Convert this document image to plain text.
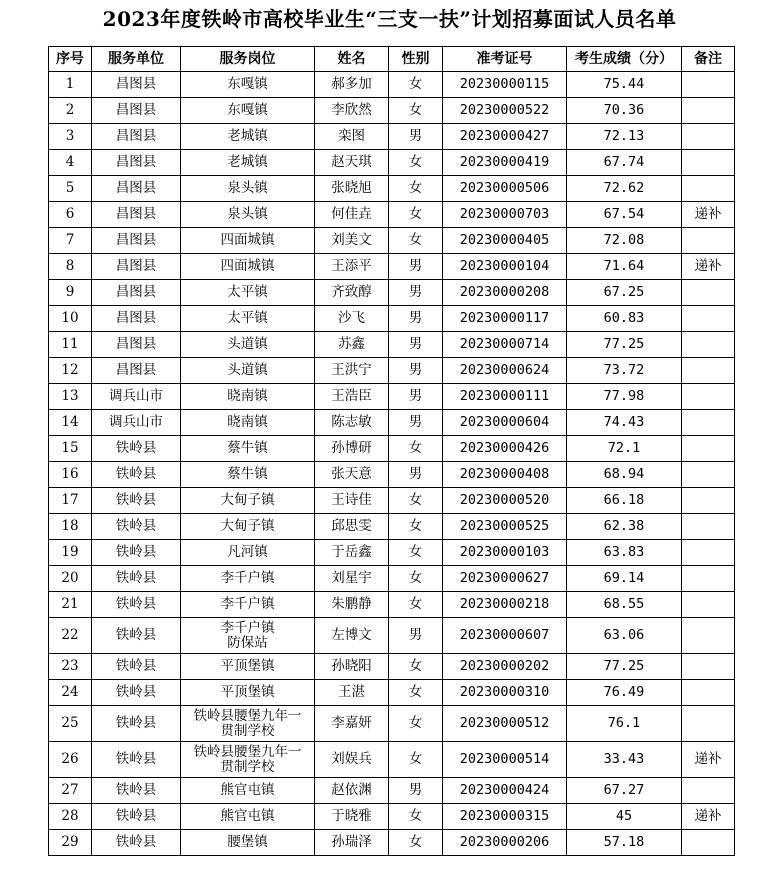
2023年度铁岭市高校毕业生“三支一扶”计划招募面试人员名单
序号	服务单位	服务岗位	姓名	性别	准考证号	考生成绩（分）	备注
1	昌图县	东嘎镇	郝多加	女	20230000115	75.44	
2	昌图县	东嘎镇	李欣然	女	20230000522	70.36	
3	昌图县	老城镇	栾图	男	20230000427	72.13	
4	昌图县	老城镇	赵天琪	女	20230000419	67.74	
5	昌图县	泉头镇	张晓旭	女	20230000506	72.62	
6	昌图县	泉头镇	何佳垚	女	20230000703	67.54	递补
7	昌图县	四面城镇	刘美文	女	20230000405	72.08	
8	昌图县	四面城镇	王添平	男	20230000104	71.64	递补
9	昌图县	太平镇	齐致醇	男	20230000208	67.25	
10	昌图县	太平镇	沙飞	男	20230000117	60.83	
11	昌图县	头道镇	苏鑫	男	20230000714	77.25	
12	昌图县	头道镇	王洪宁	男	20230000624	73.72	
13	调兵山市	晓南镇	王浩臣	男	20230000111	77.98	
14	调兵山市	晓南镇	陈志敏	男	20230000604	74.43	
15	铁岭县	蔡牛镇	孙博研	女	20230000426	72.1	
16	铁岭县	蔡牛镇	张天意	男	20230000408	68.94	
17	铁岭县	大甸子镇	王诗佳	女	20230000520	66.18	
18	铁岭县	大甸子镇	邱思雯	女	20230000525	62.38	
19	铁岭县	凡河镇	于岳鑫	女	20230000103	63.83	
20	铁岭县	李千户镇	刘星宇	女	20230000627	69.14	
21	铁岭县	李千户镇	朱鹏静	女	20230000218	68.55	
22	铁岭县	李千户镇
防保站	左博文	男	20230000607	63.06	
23	铁岭县	平顶堡镇	孙晓阳	女	20230000202	77.25	
24	铁岭县	平顶堡镇	王湛	女	20230000310	76.49	
25	铁岭县	铁岭县腰堡九年一
贯制学校	李嘉妍	女	20230000512	76.1	
26	铁岭县	铁岭县腰堡九年一
贯制学校	刘娱兵	女	20230000514	33.43	递补
27	铁岭县	熊官屯镇	赵依渊	男	20230000424	67.27	
28	铁岭县	熊官屯镇	于晓雅	女	20230000315	45	递补
29	铁岭县	腰堡镇	孙瑞泽	女	20230000206	57.18	
